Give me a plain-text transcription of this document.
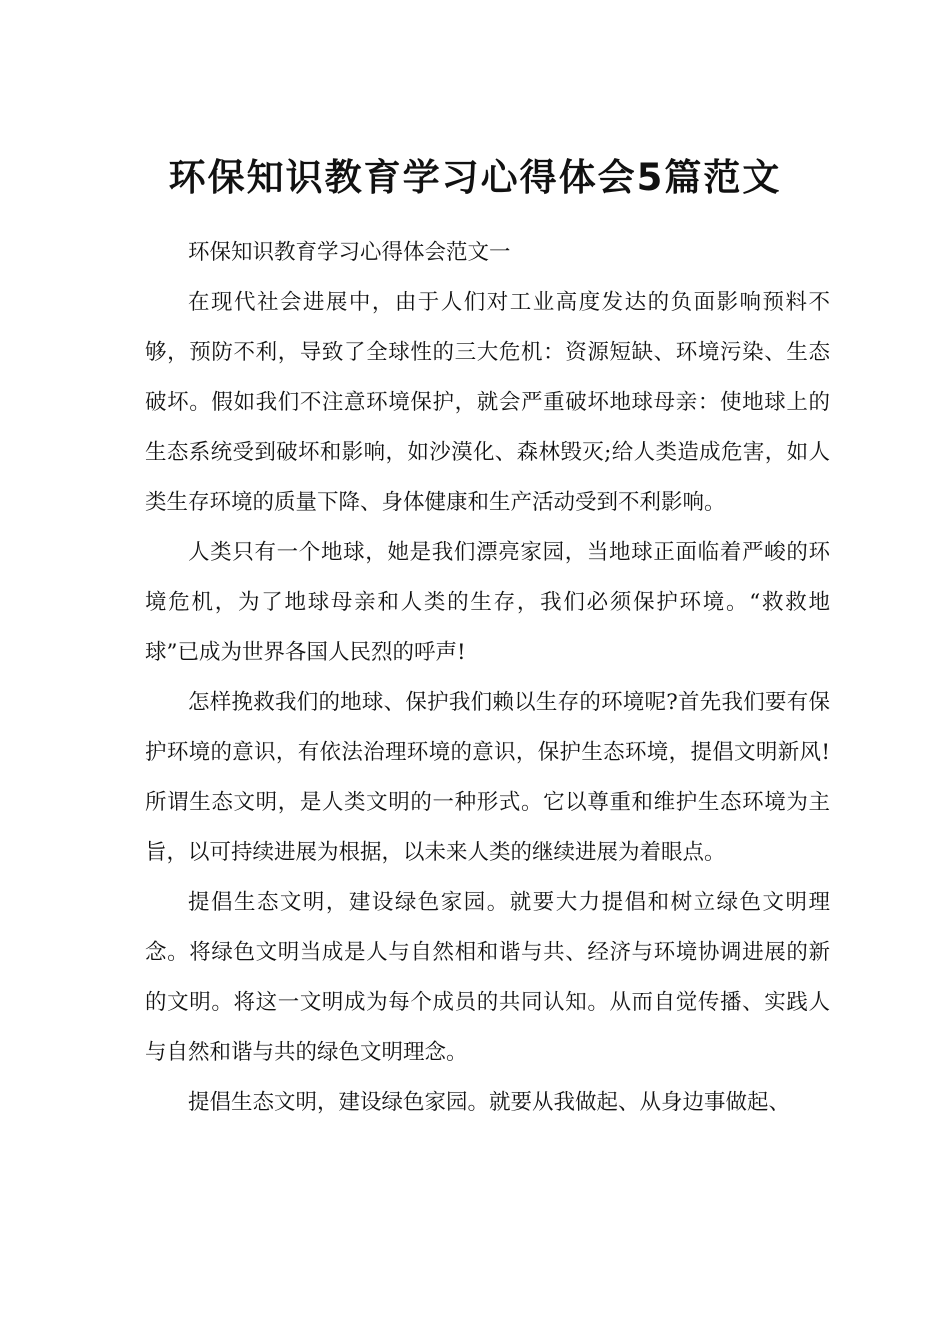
环保知识教育学习心得体会5篇范文

环保知识教育学习心得体会范文一

在现代社会进展中，由于人们对工业高度发达的负面影响预料不够，预防不利，导致了全球性的三大危机：资源短缺、环境污染、生态破坏。假如我们不注意环境保护，就会严重破坏地球母亲：使地球上的生态系统受到破坏和影响，如沙漠化、森林毁灭;给人类造成危害，如人类生存环境的质量下降、身体健康和生产活动受到不利影响。

人类只有一个地球，她是我们漂亮家园，当地球正面临着严峻的环境危机，为了地球母亲和人类的生存，我们必须保护环境。“救救地球”已成为世界各国人民烈的呼声!

怎样挽救我们的地球、保护我们赖以生存的环境呢?首先我们要有保护环境的意识，有依法治理环境的意识，保护生态环境，提倡文明新风!所谓生态文明，是人类文明的一种形式。它以尊重和维护生态环境为主旨，以可持续进展为根据，以未来人类的继续进展为着眼点。

提倡生态文明，建设绿色家园。就要大力提倡和树立绿色文明理念。将绿色文明当成是人与自然相和谐与共、经济与环境协调进展的新的文明。将这一文明成为每个成员的共同认知。从而自觉传播、实践人与自然和谐与共的绿色文明理念。

提倡生态文明，建设绿色家园。就要从我做起、从身边事做起、
